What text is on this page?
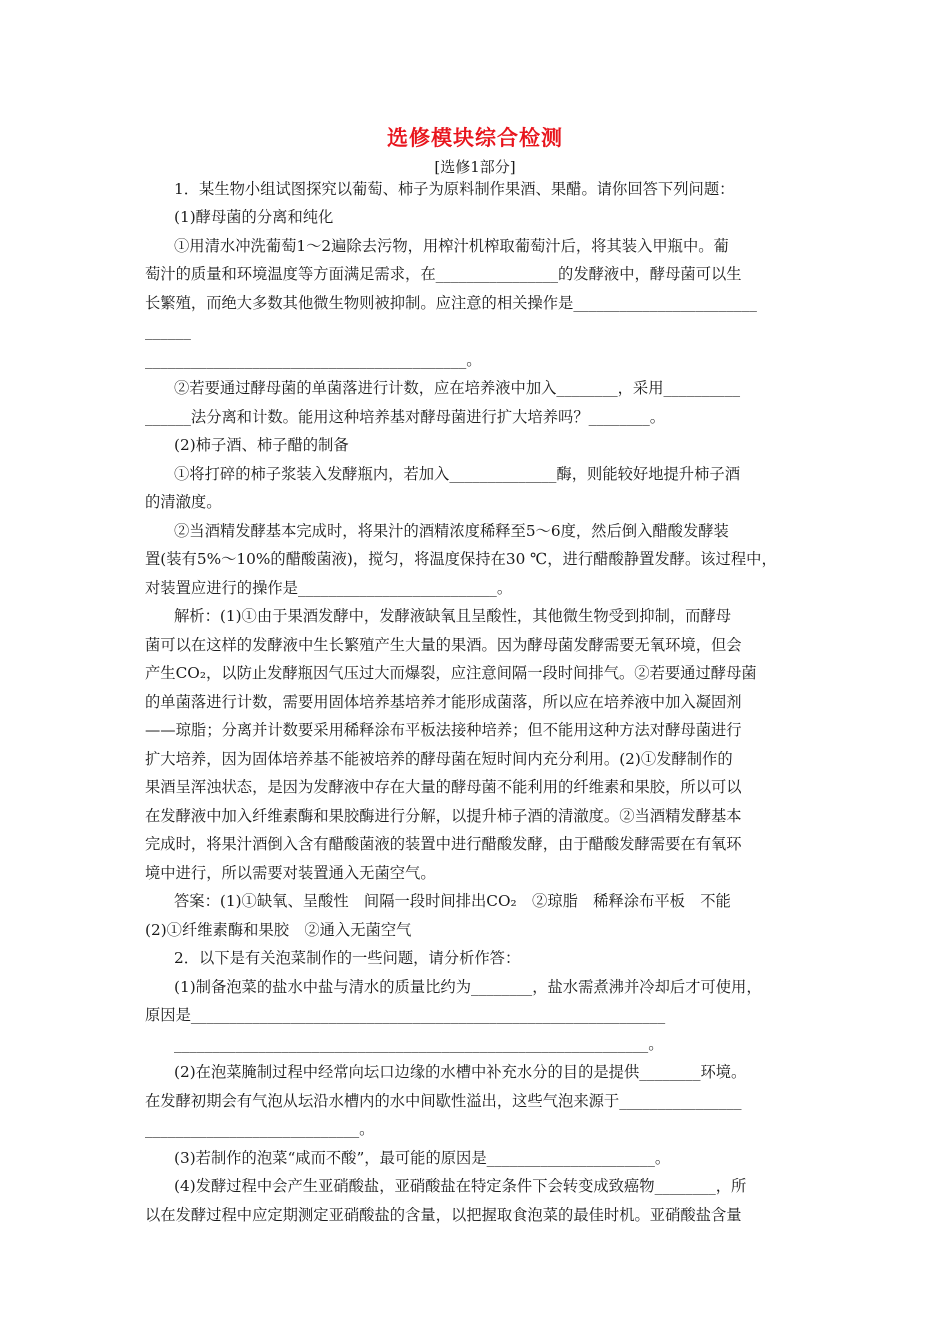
选修模块综合检测
[选修1部分]
1．某生物小组试图探究以葡萄、柿子为原料制作果酒、果醋。请你回答下列问题：
(1)酵母菌的分离和纯化
①用清水冲洗葡萄1～2遍除去污物，用榨汁机榨取葡萄汁后，将其装入甲瓶中。葡
萄汁的质量和环境温度等方面满足需求，在________________的发酵液中，酵母菌可以生
长繁殖，而绝大多数其他微生物则被抑制。应注意的相关操作是________________________
______
__________________________________________。
②若要通过酵母菌的单菌落进行计数，应在培养液中加入________，采用__________
______法分离和计数。能用这种培养基对酵母菌进行扩大培养吗？________。
(2)柿子酒、柿子醋的制备
①将打碎的柿子浆装入发酵瓶内，若加入______________酶，则能较好地提升柿子酒
的清澈度。
②当酒精发酵基本完成时，将果汁的酒精浓度稀释至5～6度，然后倒入醋酸发酵装
置(装有5%～10%的醋酸菌液)，搅匀，将温度保持在30 ℃，进行醋酸静置发酵。该过程中，
对装置应进行的操作是__________________________。
解析：(1)①由于果酒发酵中，发酵液缺氧且呈酸性，其他微生物受到抑制，而酵母
菌可以在这样的发酵液中生长繁殖产生大量的果酒。因为酵母菌发酵需要无氧环境，但会
产生CO₂，以防止发酵瓶因气压过大而爆裂，应注意间隔一段时间排气。②若要通过酵母菌
的单菌落进行计数，需要用固体培养基培养才能形成菌落，所以应在培养液中加入凝固剂
——琼脂；分离并计数要采用稀释涂布平板法接种培养；但不能用这种方法对酵母菌进行
扩大培养，因为固体培养基不能被培养的酵母菌在短时间内充分利用。(2)①发酵制作的
果酒呈浑浊状态，是因为发酵液中存在大量的酵母菌不能利用的纤维素和果胶，所以可以
在发酵液中加入纤维素酶和果胶酶进行分解，以提升柿子酒的清澈度。②当酒精发酵基本
完成时，将果汁酒倒入含有醋酸菌液的装置中进行醋酸发酵，由于醋酸发酵需要在有氧环
境中进行，所以需要对装置通入无菌空气。
答案：(1)①缺氧、呈酸性　间隔一段时间排出CO₂　②琼脂　稀释涂布平板　不能
(2)①纤维素酶和果胶　②通入无菌空气
2．以下是有关泡菜制作的一些问题，请分析作答：
(1)制备泡菜的盐水中盐与清水的质量比约为________，盐水需煮沸并冷却后才可使用，
原因是______________________________________________________________
______________________________________________________________。
(2)在泡菜腌制过程中经常向坛口边缘的水槽中补充水分的目的是提供________环境。
在发酵初期会有气泡从坛沿水槽内的水中间歇性溢出，这些气泡来源于________________
____________________________。
(3)若制作的泡菜“咸而不酸”，最可能的原因是______________________。
(4)发酵过程中会产生亚硝酸盐，亚硝酸盐在特定条件下会转变成致癌物________，所
以在发酵过程中应定期测定亚硝酸盐的含量，以把握取食泡菜的最佳时机。亚硝酸盐含量
